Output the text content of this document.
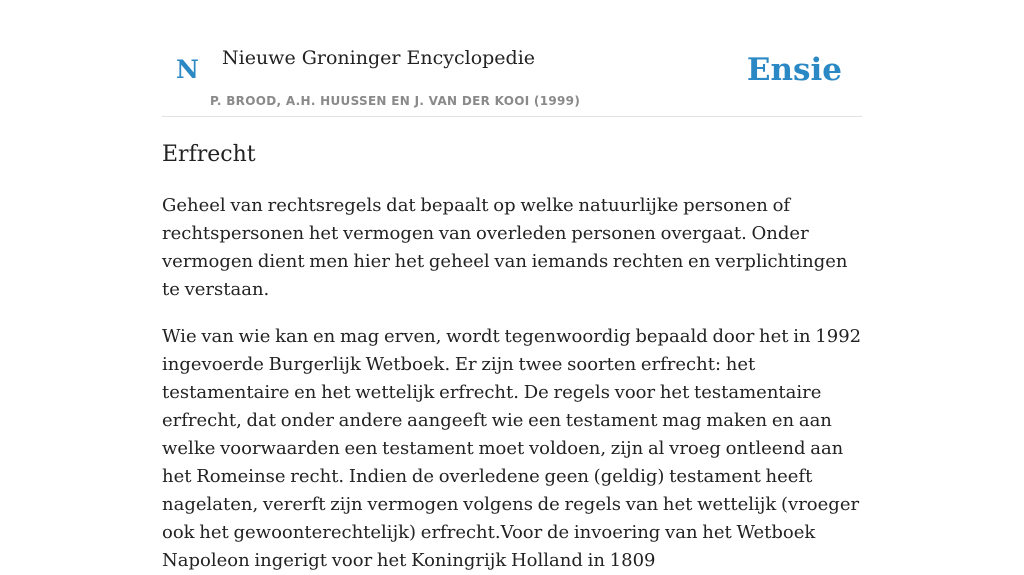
N Nieuwe Groninger Encyclopedie
P. BROOD, A.H. HUUSSEN EN J. VAN DER KOOI (1999)
Ensie
Erfrecht

Geheel van rechtsregels dat bepaalt op welke natuurlijke personen of rechtspersonen het vermogen van overleden personen overgaat. Onder vermogen dient men hier het geheel van iemands rechten en verplichtingen te verstaan.

Wie van wie kan en mag erven, wordt tegenwoordig bepaald door het in 1992 ingevoerde Burgerlijk Wetboek. Er zijn twee soorten erfrecht: het testamentaire en het wettelijk erfrecht. De regels voor het testamentaire erfrecht, dat onder andere aangeeft wie een testament mag maken en aan welke voorwaarden een testament moet voldoen, zijn al vroeg ontleend aan het Romeinse recht. Indien de overledene geen (geldig) testament heeft nagelaten, vererft zijn vermogen volgens de regels van het wettelijk (vroeger ook het gewoonterechtelijk) erfrecht.Voor de invoering van het Wetboek Napoleon ingerigt voor het Koningrijk Holland in 1809
